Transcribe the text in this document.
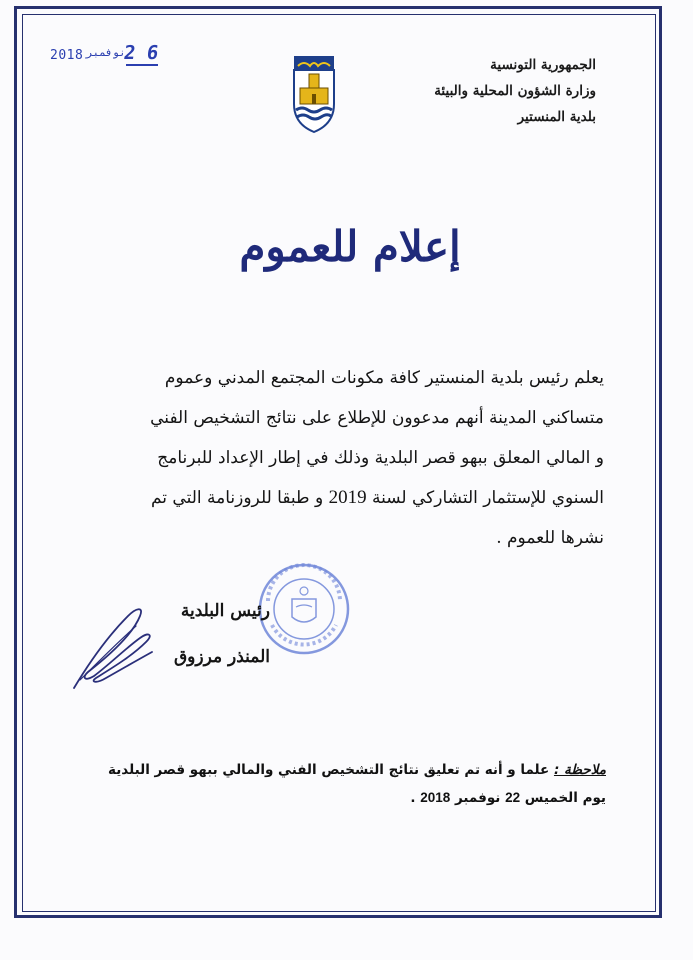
2018 نوفمبر
2 6
الجمهورية التونسية
وزارة الشؤون المحلية والبيئة
بلدية المنستير
إعلام للعموم
يعلم رئيس بلدية المنستير كافة مكونات المجتمع المدني وعموم
متساكني المدينة أنهم مدعوون للإطلاع على نتائج التشخيص الفني
و المالي المعلق ببهو قصر البلدية وذلك في إطار الإعداد للبرنامج
السنوي للإستثمار التشاركي لسنة 2019 و طبقا للروزنامة التي تم
نشرها للعموم .
رئيس البلدية
المنذر مرزوق
ملاحظة : علما و أنه تم تعليق نتائج التشخيص الفني والمالي ببهو قصر البلدية
يوم الخميس 22 نوفمبر 2018 .
